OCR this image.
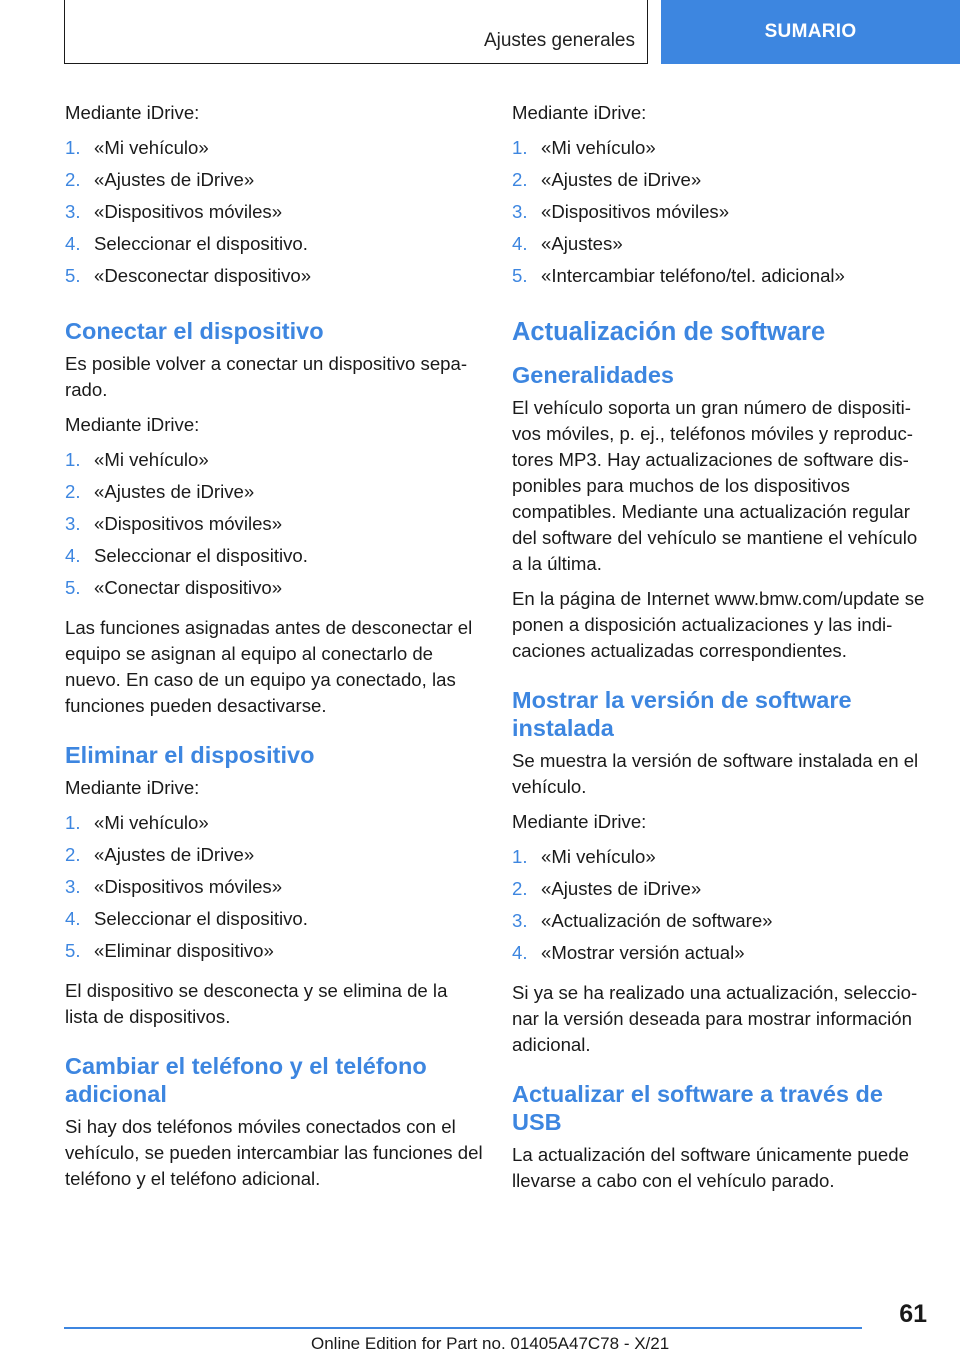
Ajustes generales	SUMARIO

Mediante iDrive:

1. «Mi vehículo»
2. «Ajustes de iDrive»
3. «Dispositivos móviles»
4. Seleccionar el dispositivo.
5. «Desconectar dispositivo»
Conectar el dispositivo

Es posible volver a conectar un dispositivo sepa-rado.

Mediante iDrive:

1. «Mi vehículo»
2. «Ajustes de iDrive»
3. «Dispositivos móviles»
4. Seleccionar el dispositivo.
5. «Conectar dispositivo»

Las funciones asignadas antes de desconectar el equipo se asignan al equipo al conectarlo de nuevo. En caso de un equipo ya conectado, las funciones pueden desactivarse.

Eliminar el dispositivo

Mediante iDrive:

1. «Mi vehículo»
2. «Ajustes de iDrive»
3. «Dispositivos móviles»
4. Seleccionar el dispositivo.
5. «Eliminar dispositivo»

El dispositivo se desconecta y se elimina de la lista de dispositivos.

Cambiar el teléfono y el teléfono adicional

Si hay dos teléfonos móviles conectados con el vehículo, se pueden intercambiar las funciones del teléfono y el teléfono adicional.

Mediante iDrive:

1. «Mi vehículo»
2. «Ajustes de iDrive»
3. «Dispositivos móviles»
4. «Ajustes»
5. «Intercambiar teléfono/tel. adicional»
Actualización de software
Generalidades

El vehículo soporta un gran número de dispositi-vos móviles, p. ej., teléfonos móviles y reproduc-tores MP3. Hay actualizaciones de software dis-ponibles para muchos de los dispositivos compatibles. Mediante una actualización regular del software del vehículo se mantiene el vehículo a la última.

En la página de Internet www.bmw.com/update se ponen a disposición actualizaciones y las indi-caciones actualizadas correspondientes.

Mostrar la versión de software instalada

Se muestra la versión de software instalada en el vehículo.

Mediante iDrive:

1. «Mi vehículo»
2. «Ajustes de iDrive»
3. «Actualización de software»
4. «Mostrar versión actual»

Si ya se ha realizado una actualización, seleccio-nar la versión deseada para mostrar información adicional.

Actualizar el software a través de USB

La actualización del software únicamente puede llevarse a cabo con el vehículo parado.

61
Online Edition for Part no. 01405A47C78 - X/21
